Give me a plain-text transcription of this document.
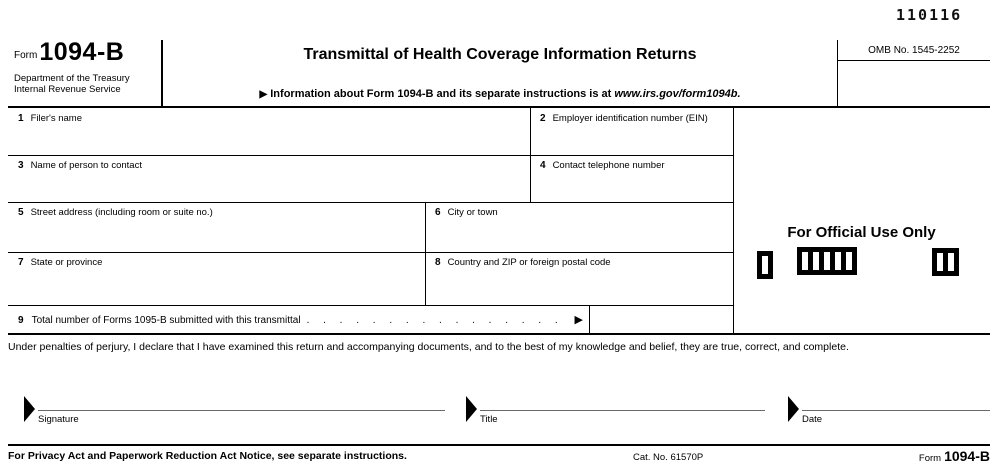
110116
Form 1094-B
Department of the Treasury
Internal Revenue Service
Transmittal of Health Coverage Information Returns
▶ Information about Form 1094-B and its separate instructions is at www.irs.gov/form1094b.
OMB No. 1545-2252
1 Filer's name	2 Employer identification number (EIN)
3 Name of person to contact	4 Contact telephone number
5 Street address (including room or suite no.)	6 City or town
7 State or province	8 Country and ZIP or foreign postal code
9 Total number of Forms 1095-B submitted with this transmittal . . . . . . . . . . . . . . . .	▶
For Official Use Only
Under penalties of perjury, I declare that I have examined this return and accompanying documents, and to the best of my knowledge and belief, they are true, correct, and complete.
Signature	Title	Date
For Privacy Act and Paperwork Reduction Act Notice, see separate instructions.	Cat. No. 61570P	Form 1094-B
